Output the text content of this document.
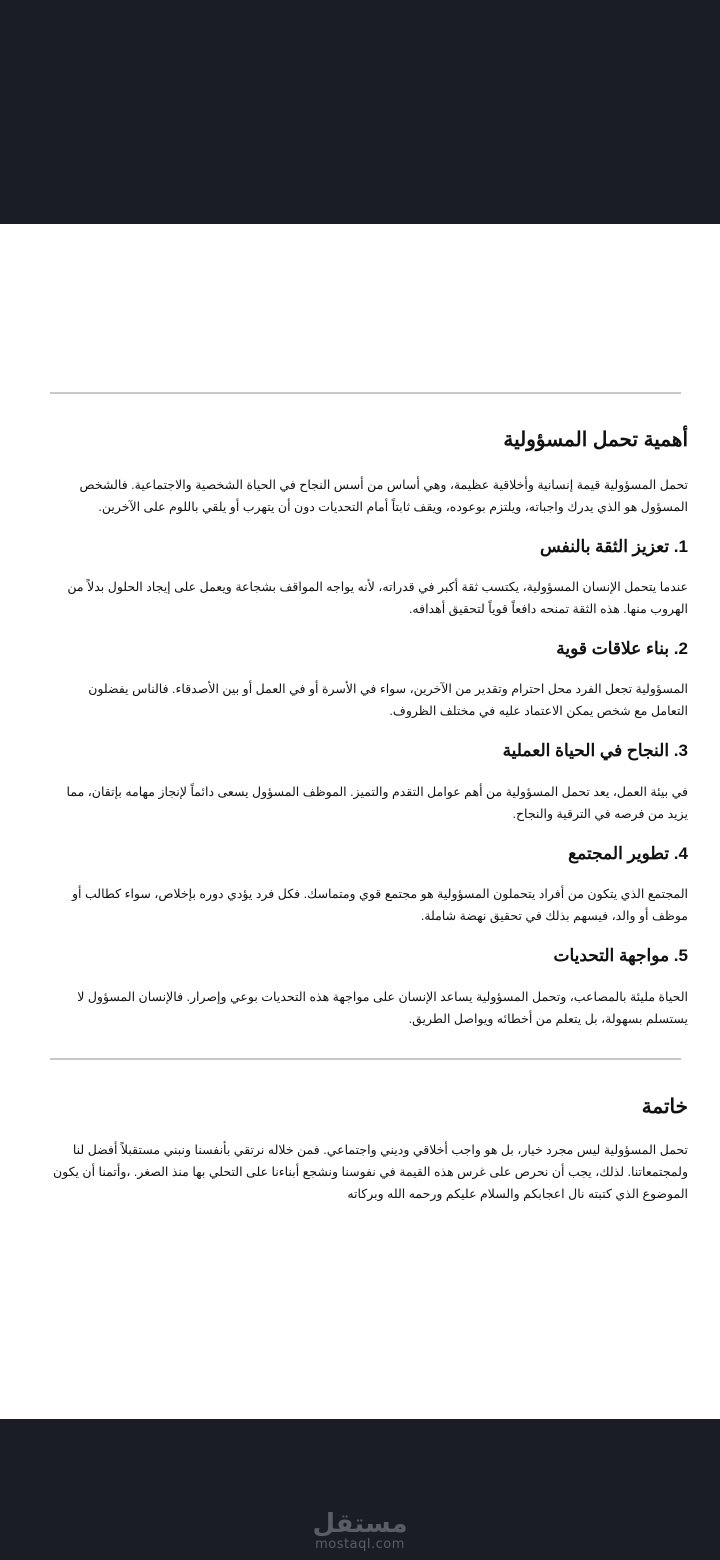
أهمية تحمل المسؤولية

تحمل المسؤولية قيمة إنسانية وأخلاقية عظيمة، وهي أساس من أسس النجاح في الحياة الشخصية والاجتماعية. فالشخص المسؤول هو الذي يدرك واجباته، ويلتزم بوعوده، ويقف ثابتاً أمام التحديات دون أن يتهرب أو يلقي باللوم على الآخرين.

1. تعزيز الثقة بالنفس

عندما يتحمل الإنسان المسؤولية، يكتسب ثقة أكبر في قدراته، لأنه يواجه المواقف بشجاعة ويعمل على إيجاد الحلول بدلاً من الهروب منها. هذه الثقة تمنحه دافعاً قوياً لتحقيق أهدافه.

2. بناء علاقات قوية

المسؤولية تجعل الفرد محل احترام وتقدير من الآخرين، سواء في الأسرة أو في العمل أو بين الأصدقاء. فالناس يفضلون التعامل مع شخص يمكن الاعتماد عليه في مختلف الظروف.

3. النجاح في الحياة العملية

في بيئة العمل، يعد تحمل المسؤولية من أهم عوامل التقدم والتميز. الموظف المسؤول يسعى دائماً لإنجاز مهامه بإتقان، مما يزيد من فرصه في الترقية والنجاح.

4. تطوير المجتمع

المجتمع الذي يتكون من أفراد يتحملون المسؤولية هو مجتمع قوي ومتماسك. فكل فرد يؤدي دوره بإخلاص، سواء كطالب أو موظف أو والد، فيسهم بذلك في تحقيق نهضة شاملة.

5. مواجهة التحديات

الحياة مليئة بالمصاعب، وتحمل المسؤولية يساعد الإنسان على مواجهة هذه التحديات بوعي وإصرار. فالإنسان المسؤول لا يستسلم بسهولة، بل يتعلم من أخطائه ويواصل الطريق.

خاتمة

تحمل المسؤولية ليس مجرد خيار، بل هو واجب أخلاقي وديني واجتماعي. فمن خلاله نرتقي بأنفسنا ونبني مستقبلاً أفضل لنا ولمجتمعاتنا. لذلك، يجب أن نحرص على غرس هذه القيمة في نفوسنا ونشجع أبناءنا على التحلي بها منذ الصغر. ،وأتمنا أن يكون الموضوع الذي كتبته نال اعجابكم والسلام عليكم ورحمه الله وبركاته

مستقل
mostaql.com
